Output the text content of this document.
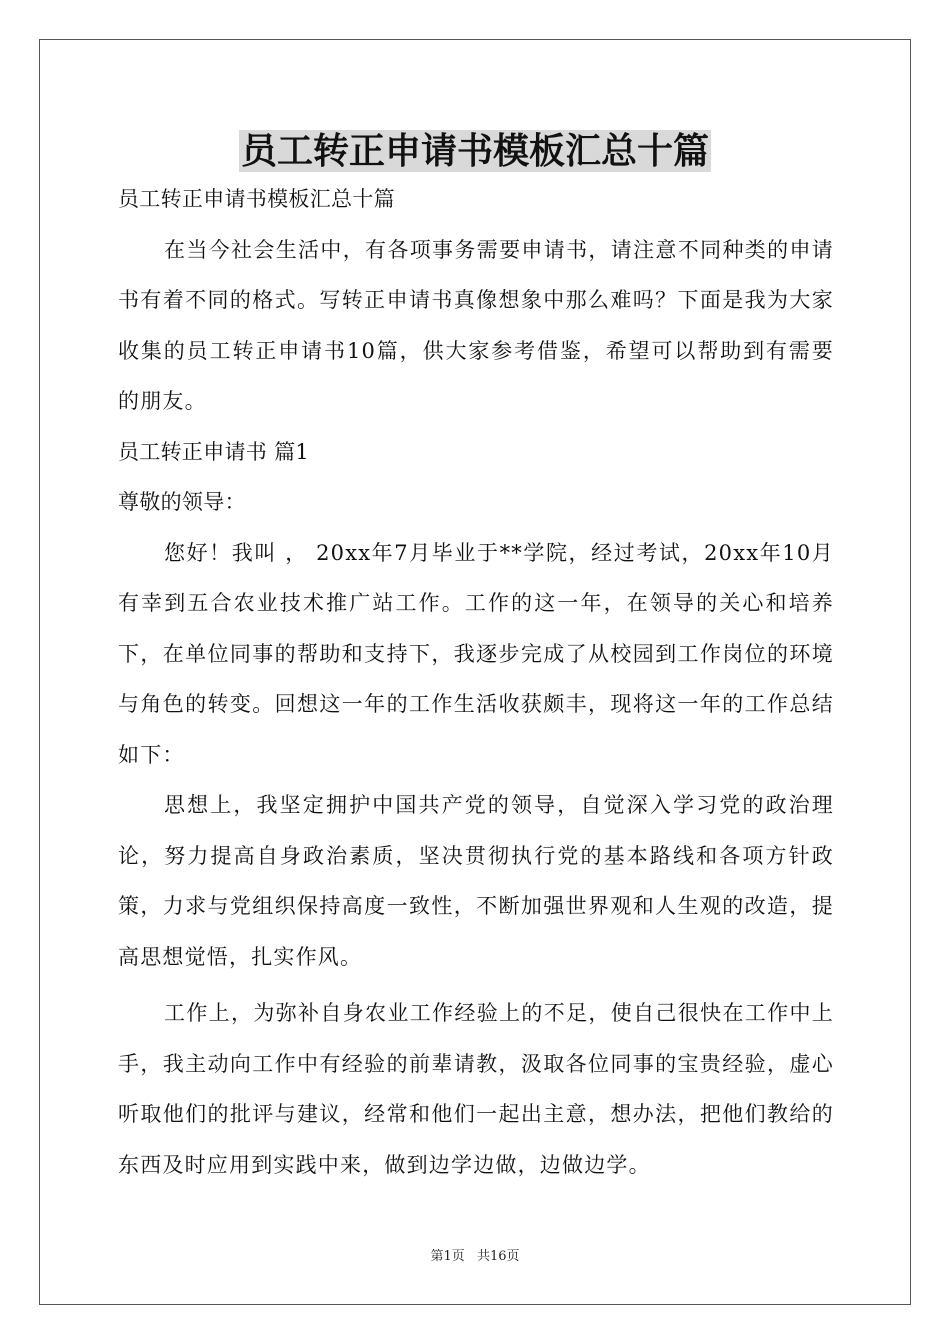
员工转正申请书模板汇总十篇

员工转正申请书模板汇总十篇

在当今社会生活中，有各项事务需要申请书，请注意不同种类的申请书有着不同的格式。写转正申请书真像想象中那么难吗？下面是我为大家收集的员工转正申请书10篇，供大家参考借鉴，希望可以帮助到有需要的朋友。

员工转正申请书 篇1

尊敬的领导：

您好！我叫 ， 20xx年7月毕业于**学院，经过考试，20xx年10月有幸到五合农业技术推广站工作。工作的这一年，在领导的关心和培养下，在单位同事的帮助和支持下，我逐步完成了从校园到工作岗位的环境与角色的转变。回想这一年的工作生活收获颇丰，现将这一年的工作总结如下：

思想上，我坚定拥护中国共产党的领导，自觉深入学习党的政治理论，努力提高自身政治素质，坚决贯彻执行党的基本路线和各项方针政策，力求与党组织保持高度一致性，不断加强世界观和人生观的改造，提高思想觉悟，扎实作风。

工作上，为弥补自身农业工作经验上的不足，使自己很快在工作中上手，我主动向工作中有经验的前辈请教，汲取各位同事的宝贵经验，虚心听取他们的批评与建议，经常和他们一起出主意，想办法，把他们教给的东西及时应用到实践中来，做到边学边做，边做边学。

第1页 共16页
